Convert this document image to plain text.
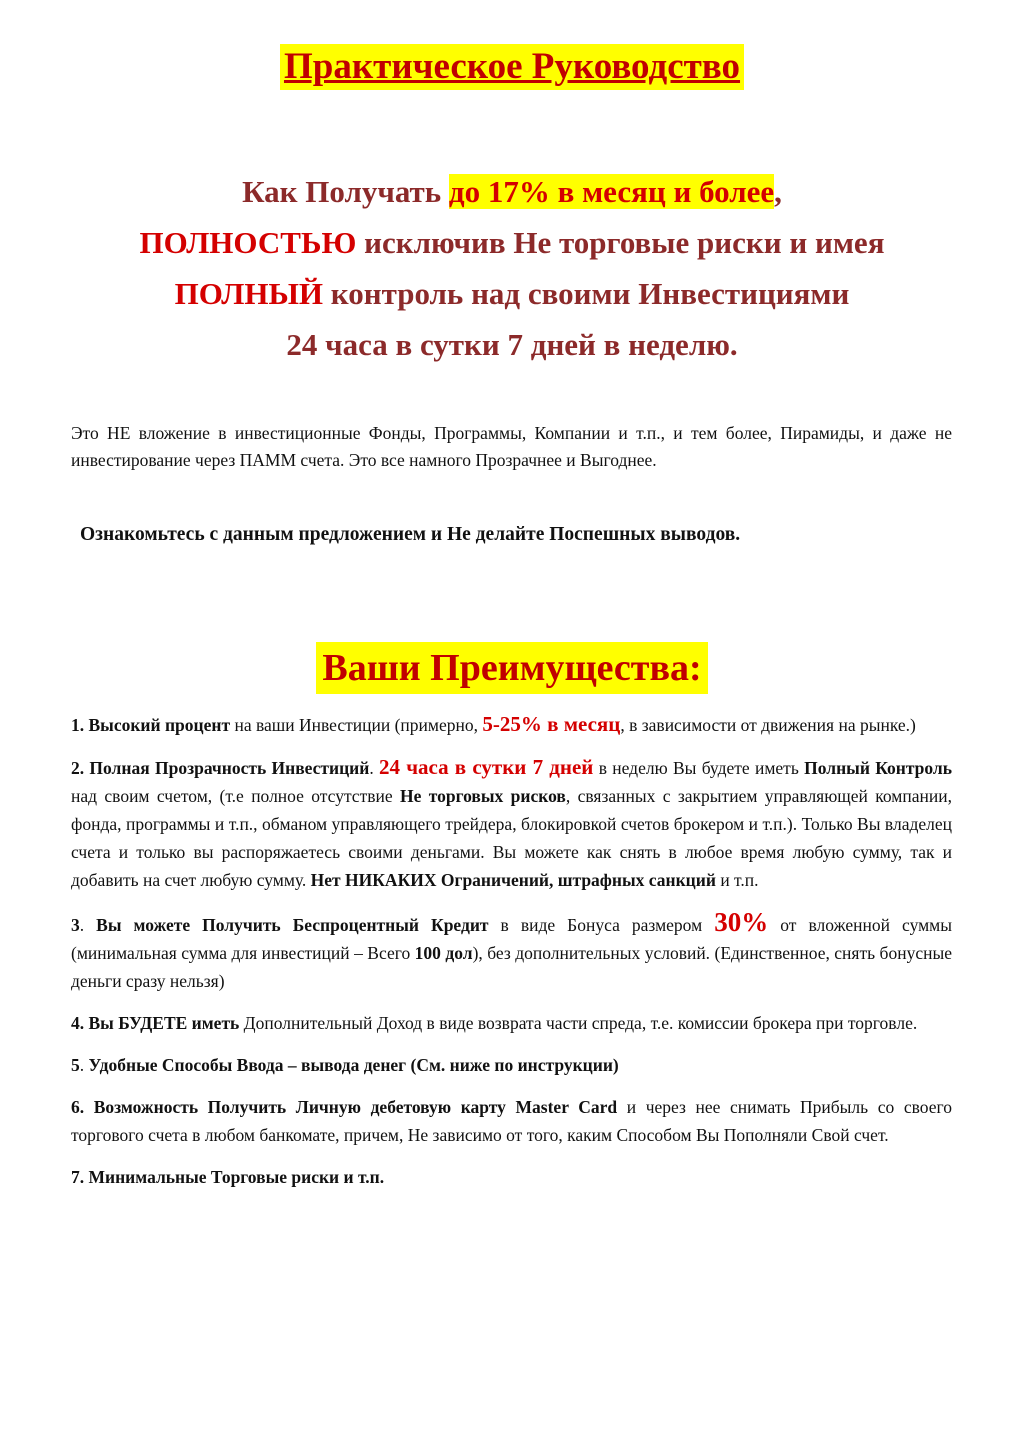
Практическое Руководство
Как Получать до 17% в месяц и более,
ПОЛНОСТЬЮ исключив Не торговые риски и имея
ПОЛНЫЙ контроль над своими Инвестициями
24 часа в сутки 7 дней в неделю.
Это НЕ вложение в инвестиционные Фонды, Программы, Компании и т.п., и тем более, Пирамиды, и даже не инвестирование через ПАММ счета. Это все намного Прозрачнее и Выгоднее.
Ознакомьтесь с данным предложением и Не делайте Поспешных выводов.
Ваши Преимущества:
1. Высокий процент на ваши Инвестиции (примерно, 5-25% в месяц, в зависимости от движения на рынке.)
2. Полная Прозрачность Инвестиций. 24 часа в сутки 7 дней в неделю Вы будете иметь Полный Контроль над своим счетом, (т.е полное отсутствие Не торговых рисков, связанных с закрытием управляющей компании, фонда, программы и т.п., обманом управляющего трейдера, блокировкой счетов брокером и т.п.). Только Вы владелец счета и только вы распоряжаетесь своими деньгами. Вы можете как снять в любое время любую сумму, так и добавить на счет любую сумму. Нет НИКАКИХ Ограничений, штрафных санкций и т.п.
3. Вы можете Получить Беспроцентный Кредит в виде Бонуса размером 30% от вложенной суммы (минимальная сумма для инвестиций – Всего 100 дол), без дополнительных условий. (Единственное, снять бонусные деньги сразу нельзя)
4. Вы БУДЕТЕ иметь Дополнительный Доход в виде возврата части спреда, т.е. комиссии брокера при торговле.
5. Удобные Способы Ввода – вывода денег (См. ниже по инструкции)
6. Возможность Получить Личную дебетовую карту Master Card и через нее снимать Прибыль со своего торгового счета в любом банкомате, причем, Не зависимо от того, каким Способом Вы Пополняли Свой счет.
7. Минимальные Торговые риски и т.п.
